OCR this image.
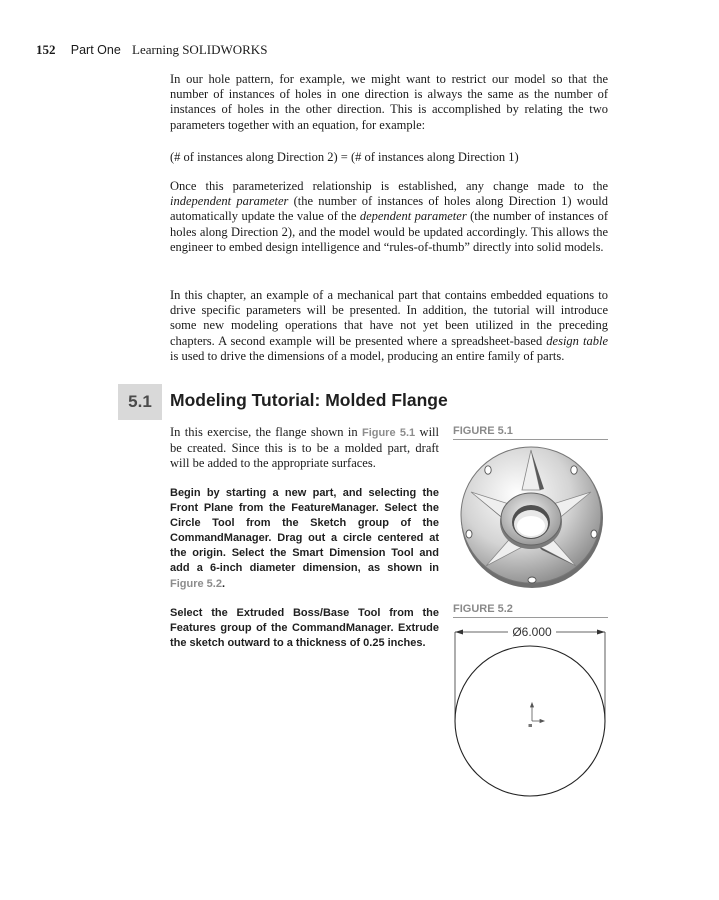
152 Part One Learning SOLIDWORKS

In our hole pattern, for example, we might want to restrict our model so that the number of instances of holes in one direction is always the same as the number of instances of holes in the other direction. This is accomplished by relating the two parameters together with an equation, for example:

(# of instances along Direction 2) = (# of instances along Direction 1)

Once this parameterized relationship is established, any change made to the independent parameter (the number of instances of holes along Direction 1) would automatically update the value of the dependent parameter (the number of instances of holes along Direction 2), and the model would be updated accordingly. This allows the engineer to embed design intelligence and “rules-of-thumb” directly into solid models.

In this chapter, an example of a mechanical part that contains embedded equations to drive specific parameters will be presented. In addition, the tutorial will introduce some new modeling operations that have not yet been utilized in the preceding chapters. A second example will be presented where a spreadsheet-based design table is used to drive the dimensions of a model, producing an entire family of parts.

5.1	Modeling Tutorial: Molded Flange
In this exercise, the flange shown in Figure 5.1 will be created. Since this is to be a molded part, draft will be added to the appropriate surfaces.
Begin by starting a new part, and selecting the Front Plane from the FeatureManager. Select the Circle Tool from the Sketch group of the CommandManager. Drag out a circle centered at the origin. Select the Smart Dimension Tool and add a 6-inch diameter dimension, as shown in Figure 5.2.
Select the Extruded Boss/Base Tool from the Features group of the CommandManager. Extrude the sketch outward to a thickness of 0.25 inches.
FIGURE 5.1
FIGURE 5.2
Ø6.000
